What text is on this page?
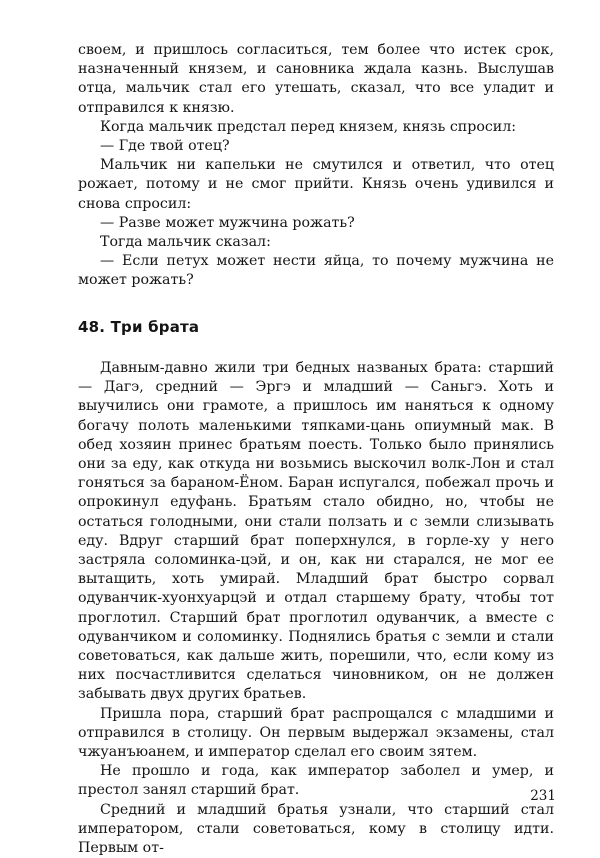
своем, и пришлось согласиться, тем более что истек срок, назначенный князем, и сановника ждала казнь. Выслушав отца, мальчик стал его утешать, сказал, что все уладит и отправился к князю.

Когда мальчик предстал перед князем, князь спросил:

— Где твой отец?

Мальчик ни капельки не смутился и ответил, что отец рожает, потому и не смог прийти. Князь очень удивился и снова спросил:

— Разве может мужчина рожать?

Тогда мальчик сказал:

— Если петух может нести яйца, то почему мужчина не может рожать?

48. Три брата

Давным-давно жили три бедных названых брата: старший — Дагэ, средний — Эргэ и младший — Саньгэ. Хоть и выучились они грамоте, а пришлось им наняться к одному богачу полоть маленькими тяпками-цань опиумный мак. В обед хозяин принес братьям поесть. Только было принялись они за еду, как откуда ни возьмись выскочил волк-Лон и стал гоняться за бараном-Ёном. Баран испугался, побежал прочь и опрокинул едуфань. Братьям стало обидно, но, чтобы не остаться голодными, они стали ползать и с земли слизывать еду. Вдруг старший брат поперхнулся, в горле-ху у него застряла соломинка-цэй, и он, как ни старался, не мог ее вытащить, хоть умирай. Младший брат быстро сорвал одуванчик-хуонхуарцэй и отдал старшему брату, чтобы тот проглотил. Старший брат проглотил одуванчик, а вместе с одуванчиком и соломинку. Поднялись братья с земли и стали советоваться, как дальше жить, порешили, что, если кому из них посчастливится сделаться чиновником, он не должен забывать двух других братьев.

Пришла пора, старший брат распрощался с младшими и отправился в столицу. Он первым выдержал экзамены, стал чжуанъюанем, и император сделал его своим зятем.

Не прошло и года, как император заболел и умер, и престол занял старший брат.

Средний и младший братья узнали, что старший стал императором, стали советоваться, кому в столицу идти. Первым от-

231
